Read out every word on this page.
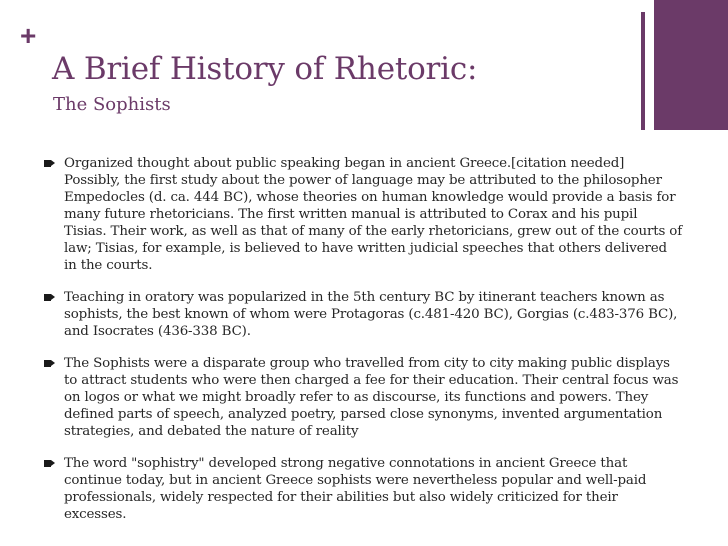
+
A Brief History of Rhetoric:
The Sophists
Organized thought about public speaking began in ancient Greece.[citation needed] Possibly, the first study about the power of language may be attributed to the philosopher Empedocles (d. ca. 444 BC), whose theories on human knowledge would provide a basis for many future rhetoricians. The first written manual is attributed to Corax and his pupil Tisias. Their work, as well as that of many of the early rhetoricians, grew out of the courts of law; Tisias, for example, is believed to have written judicial speeches that others delivered in the courts.
Teaching in oratory was popularized in the 5th century BC by itinerant teachers known as sophists, the best known of whom were Protagoras (c.481-420 BC), Gorgias (c.483-376 BC), and Isocrates (436-338 BC).
The Sophists were a disparate group who travelled from city to city making public displays to attract students who were then charged a fee for their education. Their central focus was on logos or what we might broadly refer to as discourse, its functions and powers. They defined parts of speech, analyzed poetry, parsed close synonyms, invented argumentation strategies, and debated the nature of reality
The word "sophistry" developed strong negative connotations in ancient Greece that continue today, but in ancient Greece sophists were nevertheless popular and well-paid professionals, widely respected for their abilities but also widely criticized for their excesses.
